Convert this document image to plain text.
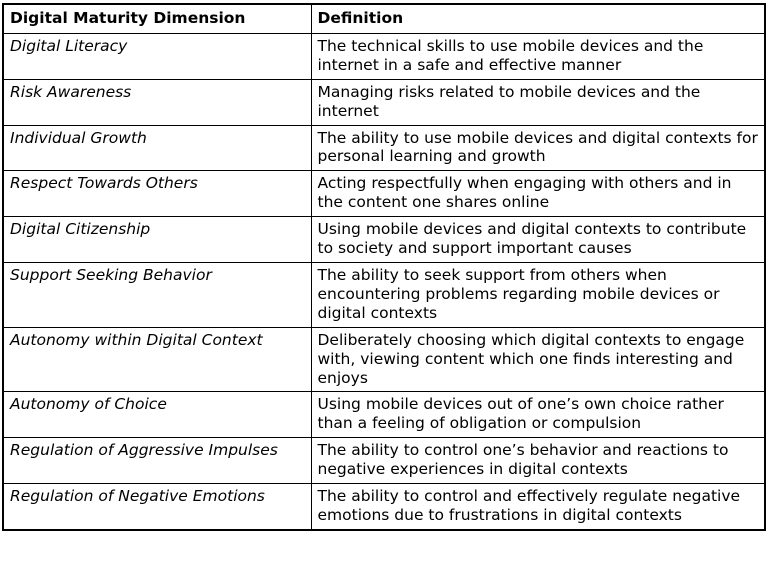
Digital Maturity Dimension	Definition
Digital Literacy	The technical skills to use mobile devices and the internet in a safe and effective manner
Risk Awareness	Managing risks related to mobile devices and the internet
Individual Growth	The ability to use mobile devices and digital contexts for personal learning and growth
Respect Towards Others	Acting respectfully when engaging with others and in the content one shares online
Digital Citizenship	Using mobile devices and digital contexts to contribute to society and support important causes
Support Seeking Behavior	The ability to seek support from others when encountering problems regarding mobile devices or digital contexts
Autonomy within Digital Context	Deliberately choosing which digital contexts to engage with, viewing content which one finds interesting and enjoys
Autonomy of Choice	Using mobile devices out of one’s own choice rather than a feeling of obligation or compulsion
Regulation of Aggressive Impulses	The ability to control one’s behavior and reactions to negative experiences in digital contexts
Regulation of Negative Emotions	The ability to control and effectively regulate negative emotions due to frustrations in digital contexts
